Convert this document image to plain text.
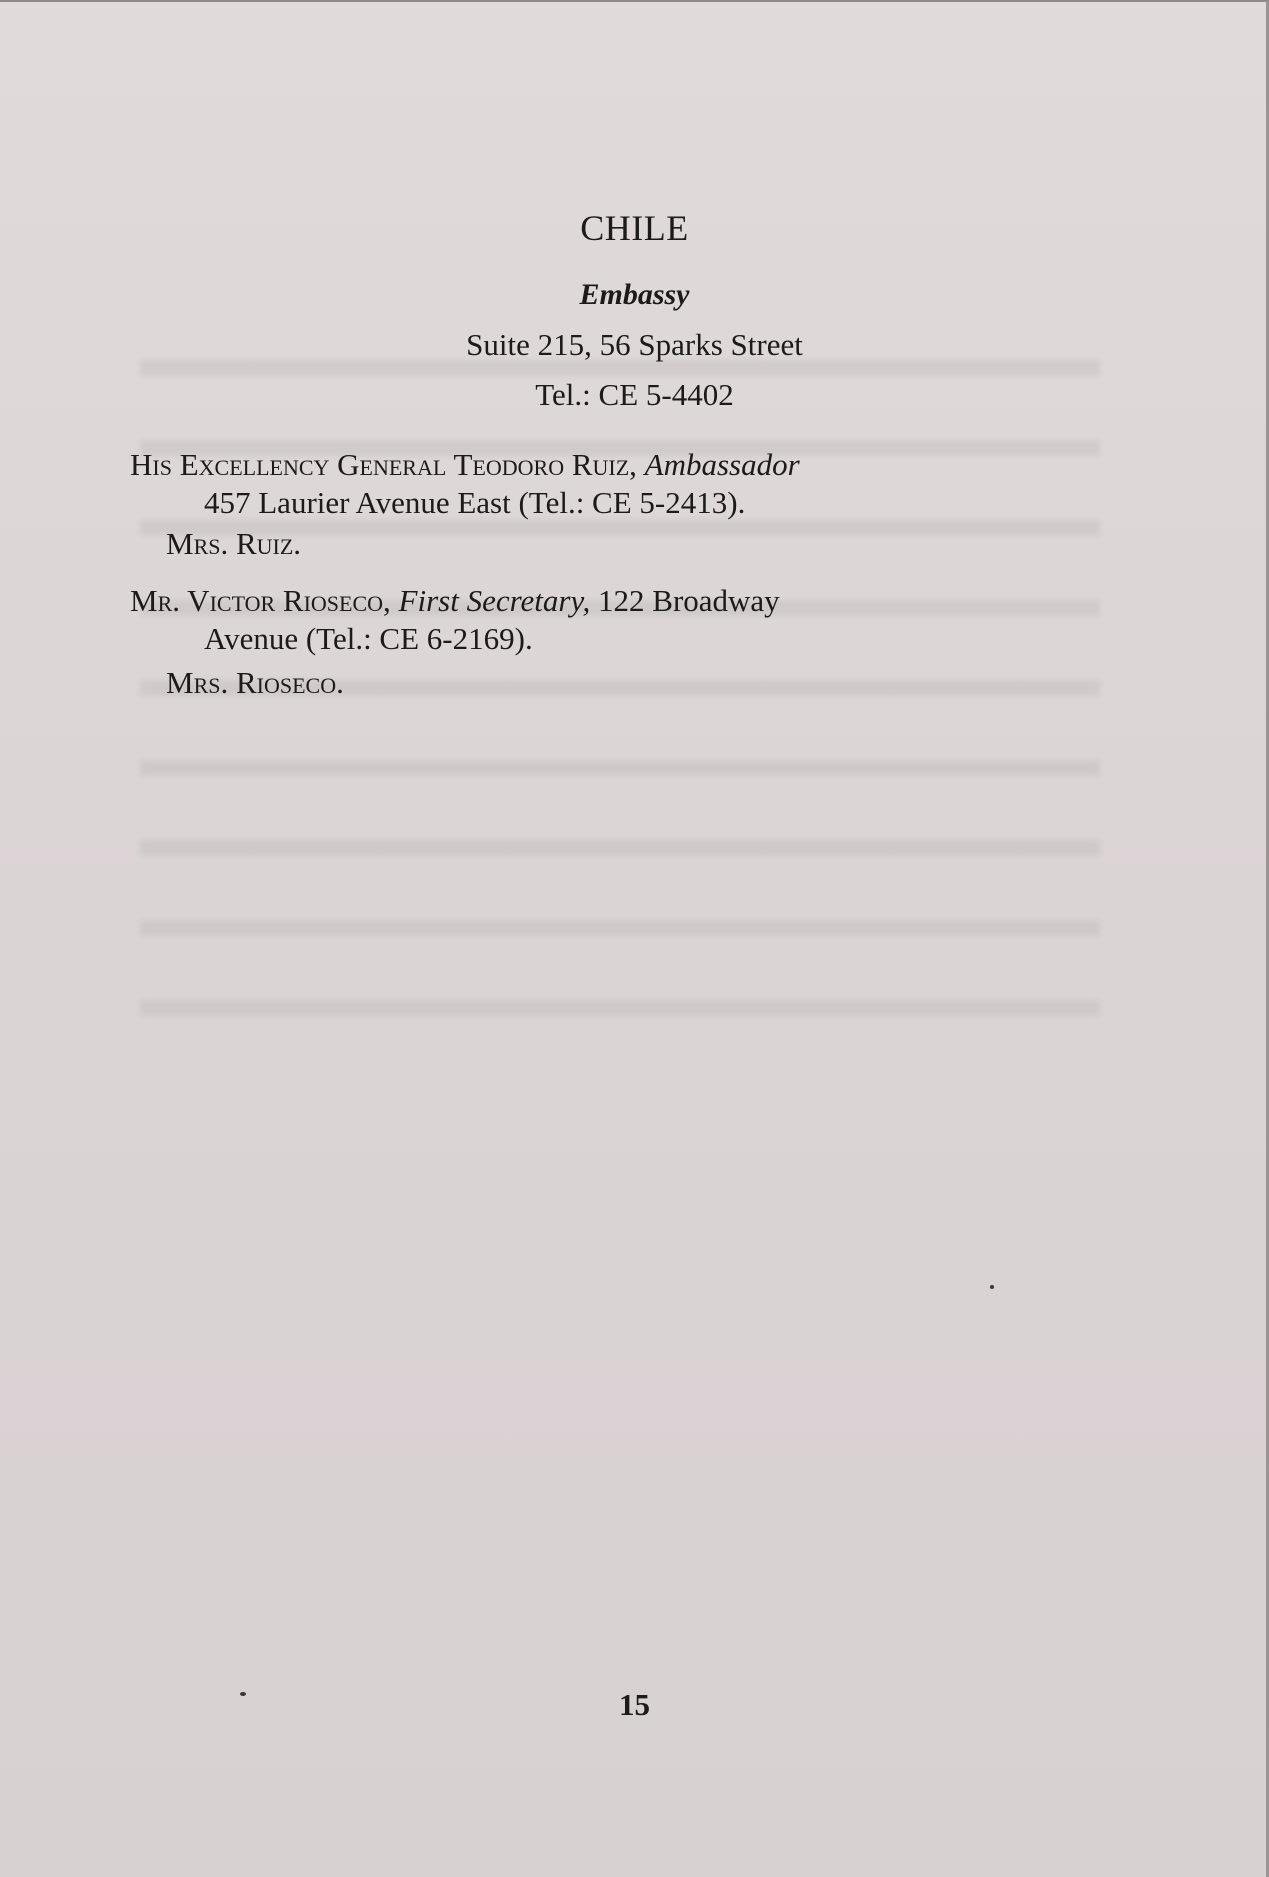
CHILE
Embassy
Suite 215, 56 Sparks Street
Tel.: CE 5-4402
His Excellency General Teodoro Ruiz, Ambassador
457 Laurier Avenue East (Tel.: CE 5-2413).
Mrs. Ruiz.
Mr. Victor Rioseco, First Secretary, 122 Broadway
Avenue (Tel.: CE 6-2169).
Mrs. Rioseco.
15
